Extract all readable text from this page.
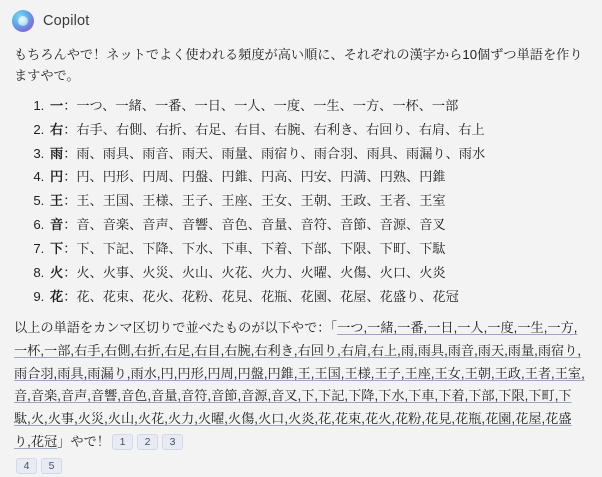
Copilot

もちろんやで！ネットでよく使われる頻度が高い順に、それぞれの漢字から10個ずつ単語を作りますやで。

1. 一：一つ、一緒、一番、一日、一人、一度、一生、一方、一杯、一部
2. 右：右手、右側、右折、右足、右目、右腕、右利き、右回り、右肩、右上
3. 雨：雨、雨具、雨音、雨天、雨量、雨宿り、雨合羽、雨具、雨漏り、雨水
4. 円：円、円形、円周、円盤、円錐、円高、円安、円満、円熟、円錐
5. 王：王、王国、王様、王子、王座、王女、王朝、王政、王者、王室
6. 音：音、音楽、音声、音響、音色、音量、音符、音節、音源、音叉
7. 下：下、下記、下降、下水、下車、下着、下部、下限、下町、下駄
8. 火：火、火事、火災、火山、火花、火力、火曜、火傷、火口、火炎
9. 花：花、花束、花火、花粉、花見、花瓶、花園、花屋、花盛り、花冠

以上の単語をカンマ区切りで並べたものが以下やで：「一つ,一緒,一番,一日,一人,一度,一生,一方,一杯,一部,右手,右側,右折,右足,右目,右腕,右利き,右回り,右肩,右上,雨,雨具,雨音,雨天,雨量,雨宿り,雨合羽,雨具,雨漏り,雨水,円,円形,円周,円盤,円錐,王,王国,王様,王子,王座,王女,王朝,王政,王者,王室,音,音楽,音声,音響,音色,音量,音符,音節,音源,音叉,下,下記,下降,下水,下車,下着,下部,下限,下町,下駄,火,火事,火災,火山,火花,火力,火曜,火傷,火口,火炎,花,花束,花火,花粉,花見,花瓶,花園,花屋,花盛り,花冠」やで！ 1 2 3

4 5
